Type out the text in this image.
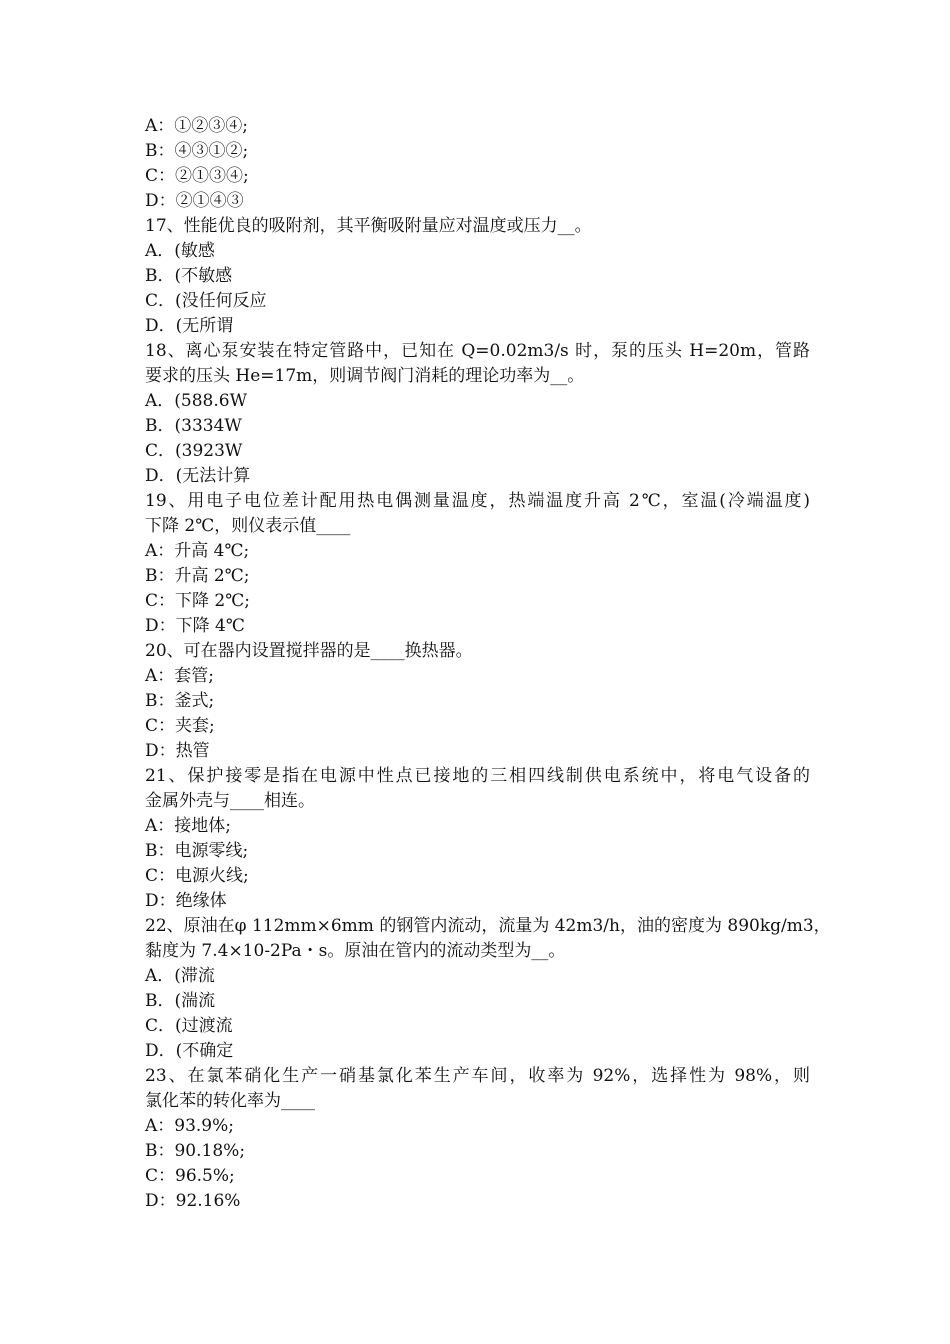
A：①②③④;
B：④③①②;
C：②①③④;
D：②①④③
17、性能优良的吸附剂，其平衡吸附量应对温度或压力__。
A．(敏感
B．(不敏感
C．(没任何反应
D．(无所谓
18、离心泵安装在特定管路中，已知在 Q=0.02m3/s 时，泵的压头 H=20m，管路
要求的压头 He=17m，则调节阀门消耗的理论功率为__。
A．(588.6W
B．(3334W
C．(3923W
D．(无法计算
19、用电子电位差计配用热电偶测量温度，热端温度升高 2℃，室温(冷端温度)
下降 2℃，则仪表示值____
A：升高 4℃;
B：升高 2℃;
C：下降 2℃;
D：下降 4℃
20、可在器内设置搅拌器的是____换热器。
A：套管;
B：釜式;
C：夹套;
D：热管
21、保护接零是指在电源中性点已接地的三相四线制供电系统中，将电气设备的
金属外壳与____相连。
A：接地体;
B：电源零线;
C：电源火线;
D：绝缘体
22、原油在φ 112mm×6mm 的钢管内流动，流量为 42m3/h，油的密度为 890kg/m3，
黏度为 7.4×10-2Pa・s。原油在管内的流动类型为__。
A．(滞流
B．(湍流
C．(过渡流
D．(不确定
23、在氯苯硝化生产一硝基氯化苯生产车间，收率为 92%，选择性为 98%，则
氯化苯的转化率为____
A：93.9%;
B：90.18%;
C：96.5%;
D：92.16%
